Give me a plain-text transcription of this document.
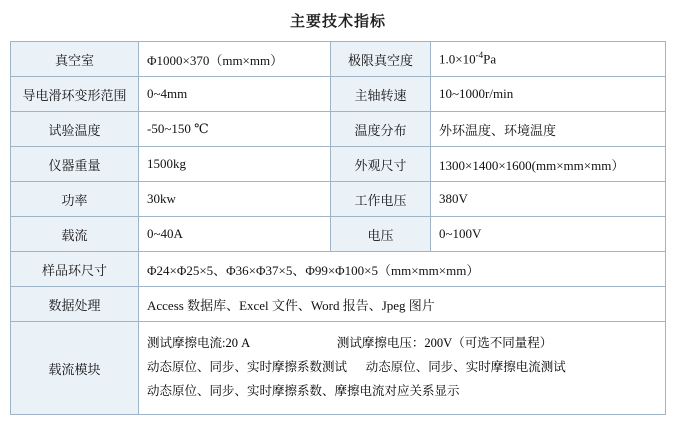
主要技术指标			
真空室	Φ1000×370（mm×mm）	极限真空度	$1.0\times 10^{-4}Pa$
导电滑环变形范围	0~4mm	主轴转速	10~1000r/min
试验温度	-50~150 ℃	温度分布	外环温度、环境温度
仪器重量	1500kg	外观尺寸	1300×1400×1600(mm×mm×mm）
功率	30kw	工作电压	380V
载流	0~40A	电压	0~100V
样品环尺寸	Φ24×Φ25×5、Φ36×Φ37×5、Φ99×Φ100×5（mm×mm×mm）		
数据处理	Access 数据库、Excel 文件、Word 报告、Jpeg 图片		
载流模块	测试摩擦电流:20 A                            测试摩擦电压：200V（可选不同量程）
动态原位、同步、实时摩擦系数测试      动态原位、同步、实时摩擦电流测试
动态原位、同步、实时摩擦系数、摩擦电流对应关系显示		
